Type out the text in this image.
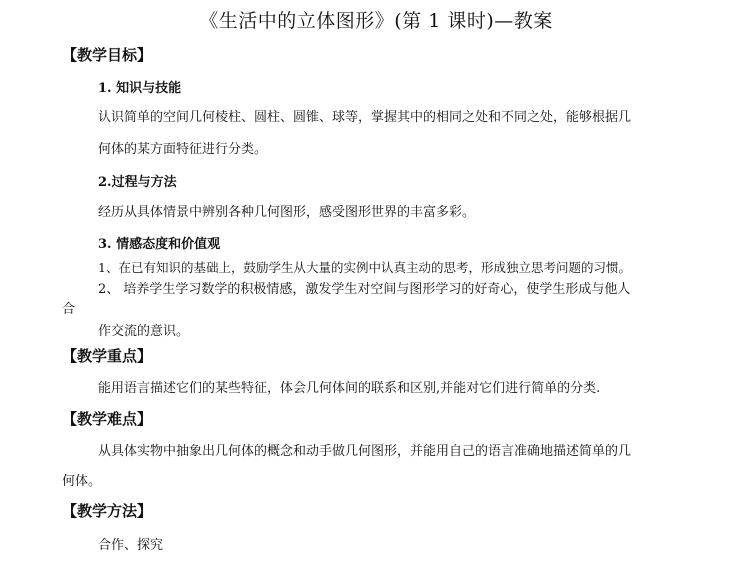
《生活中的立体图形》(第 1 课时)—教案
【教学目标】
1. 知识与技能
认识简单的空间几何棱柱、圆柱、圆锥、球等，掌握其中的相同之处和不同之处，能够根据几
何体的某方面特征进行分类。
2.过程与方法
经历从具体情景中辨别各种几何图形，感受图形世界的丰富多彩。
3. 情感态度和价值观
1、在已有知识的基础上，鼓励学生从大量的实例中认真主动的思考，形成独立思考问题的习惯。
2、 培养学生学习数学的积极情感，激发学生对空间与图形学习的好奇心，使学生形成与他人
合
作交流的意识。
【教学重点】
能用语言描述它们的某些特征，体会几何体间的联系和区别,并能对它们进行简单的分类.
【教学难点】
从具体实物中抽象出几何体的概念和动手做几何图形，并能用自己的语言准确地描述简单的几
何体。
【教学方法】
合作、探究
